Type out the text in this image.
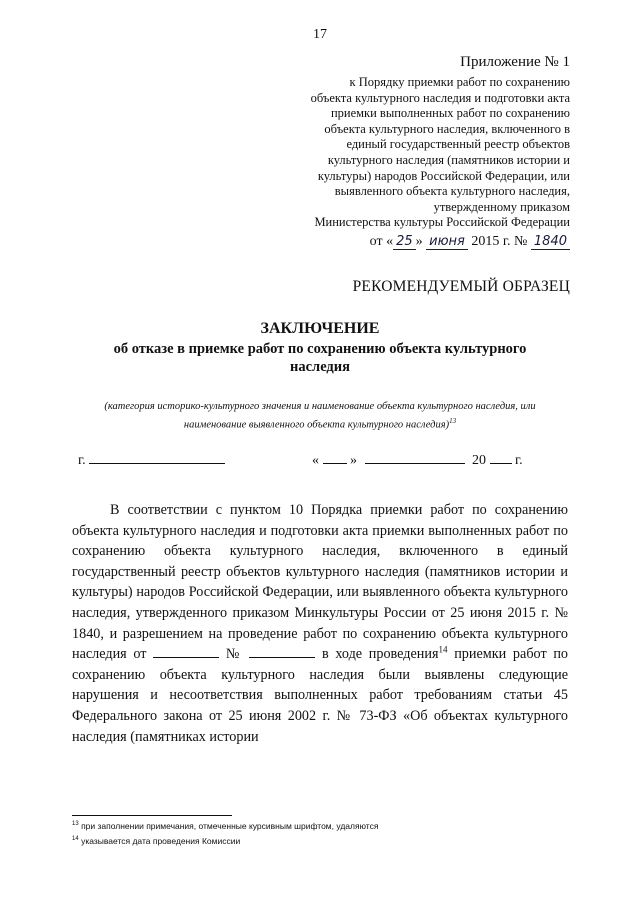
17
Приложение № 1
к Порядку приемки работ по сохранению
объекта культурного наследия и подготовки акта
приемки выполненных работ по сохранению
объекта культурного наследия, включенного в
единый государственный реестр объектов
культурного наследия (памятников истории и
культуры) народов Российской Федерации, или
выявленного объекта культурного наследия,
утвержденному приказом
Министерства культуры Российской Федерации
от « 25 » июня 2015 г. № 1840
РЕКОМЕНДУЕМЫЙ ОБРАЗЕЦ
ЗАКЛЮЧЕНИЕ
об отказе в приемке работ по сохранению объекта культурного наследия
(категория историко-культурного значения и наименование объекта культурного наследия, или наименование выявленного объекта культурного наследия)$^{13}$
г.	« »	20 г.
В соответствии с пунктом 10 Порядка приемки работ по сохранению объекта культурного наследия и подготовки акта приемки выполненных работ по сохранению объекта культурного наследия, включенного в единый государственный реестр объектов культурного наследия (памятников истории и культуры) народов Российской Федерации, или выявленного объекта культурного наследия, утвержденного приказом Минкультуры России от 25 июня 2015 г. № 1840, и разрешением на проведение работ по сохранению объекта культурного наследия от	№	в ходе проведения$^{14}$ приемки работ по сохранению объекта культурного наследия были выявлены следующие нарушения и несоответствия выполненных работ требованиям статьи 45 Федерального закона от 25 июня 2002 г. № 73-ФЗ «Об объектах культурного наследия (памятниках истории
$^{13}$ при заполнении примечания, отмеченные курсивным шрифтом, удаляются
$^{14}$ указывается дата проведения Комиссии
